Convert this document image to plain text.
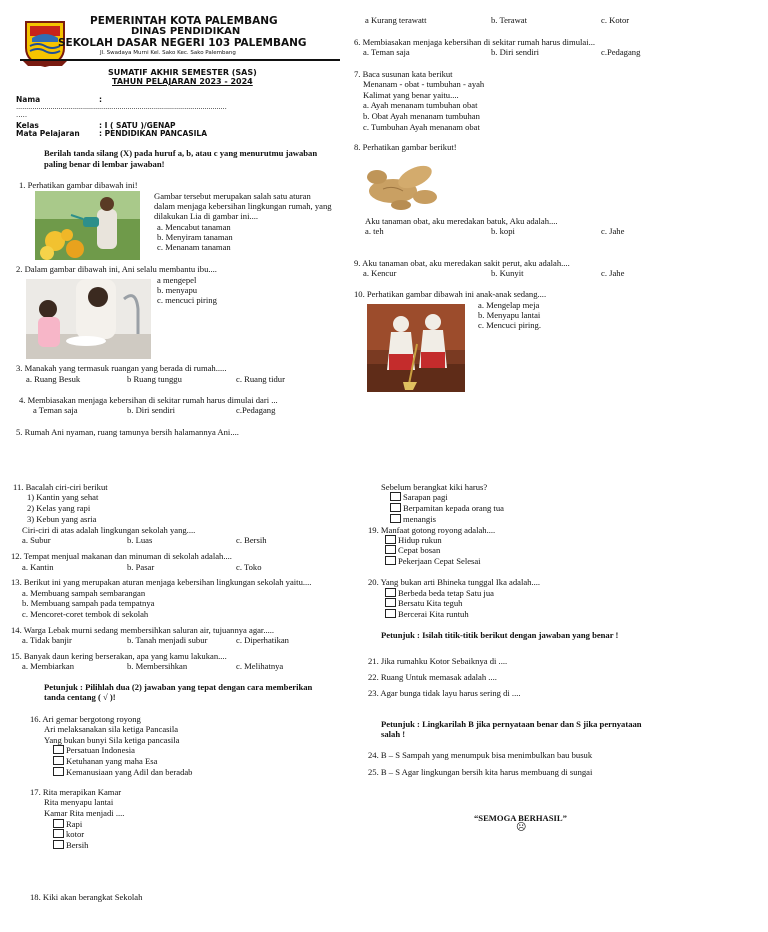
PEMERINTAH KOTA PALEMBANG
DINAS PENDIDIKAN
SEKOLAH DASAR NEGERI 103 PALEMBANG
Jl. Swadaya Murni Kel. Sako Kec. Sako Palembang
SUMATIF AKHIR SEMESTER (SAS)
TAHUN PELAJARAN 2023 - 2024
Nama	:
........................................................................................................
.....
Kelas	: I ( SATU )/GENAP
Mata Pelajaran	: PENDIDIKAN PANCASILA
Berilah tanda silang (X) pada huruf a, b, atau c yang menurutmu jawaban
paling benar di lembar jawaban!
1. Perhatikan gambar dibawah ini!
Gambar tersebut merupakan salah satu aturan
dalam menjaga kebersihan lingkungan rumah, yang
dilakukan Lia di gambar ini....
a. Mencabut tanaman
b. Menyiram tanaman
c. Menanam tanaman
2. Dalam gambar dibawah ini, Ani selalu membantu ibu....
a mengepel
b. menyapu
c. mencuci piring
3. Manakah yang termasuk ruangan yang berada di rumah.....
a. Ruang Besuk	b Ruang tunggu	c. Ruang tidur
4. Membiasakan menjaga kebersihan di sekitar rumah harus dimulai dari ...
a Teman saja	b. Diri sendiri	c.Pedagang
5. Rumah Ani nyaman, ruang tamunya bersih halamannya Ani....
a Kurang terawatt	b. Terawat	c. Kotor
6. Membiasakan menjaga kebersihan di sekitar rumah harus dimulai...
a. Teman saja	b. Diri sendiri	c.Pedagang
7. Baca susunan kata berikut
Menanam - obat - tumbuhan - ayah
Kalimat yang benar yaitu....
a. Ayah menanam tumbuhan obat
b. Obat Ayah menanam tumbuhan
c. Tumbuhan Ayah menanam obat
8. Perhatikan gambar berikut!
Aku tanaman obat, aku meredakan batuk, Aku adalah....
a. teh	b. kopi	c. Jahe
9. Aku tanaman obat, aku meredakan sakit perut, aku adalah....
a. Kencur	b. Kunyit	c. Jahe
10. Perhatikan gambar dibawah ini anak-anak sedang....
a. Mengelap meja
b. Menyapu lantai
c. Mencuci piring.
11. Bacalah ciri-ciri berikut
1) Kantin yang sehat
2) Kelas yang rapi
3) Kebun yang asria
Ciri-ciri di atas adalah lingkungan sekolah yang....
a. Subur	b. Luas	c. Bersih
12. Tempat menjual makanan dan minuman di sekolah adalah....
a. Kantin	b. Pasar	c. Toko
13. Berikut ini yang merupakan aturan menjaga kebersihan lingkungan sekolah yaitu....
a. Membuang sampah sembarangan
b. Membuang sampah pada tempatnya
c. Mencoret-coret tembok di sekolah
14. Warga Lebak murni sedang membersihkan saluran air, tujuannya agar.....
a. Tidak banjir	b. Tanah menjadi subur	c. Diperhatikan
15. Banyak daun kering berserakan, apa yang kamu lakukan....
a. Membiarkan	b. Membersihkan	c. Melihatnya
Petunjuk : Pilihlah dua (2) jawaban yang tepat dengan cara memberikan
tanda centang ( √ )!
16. Ari gemar bergotong royong
Ari melaksanakan sila ketiga Pancasila
Yang bukan bunyi Sila ketiga pancasila
Persatuan Indonesia
Ketuhanan yang maha Esa
Kemanusiaan yang Adil dan beradab
17. Rita merapikan Kamar
Rita menyapu lantai
Kamar Rita menjadi ....
Rapi
kotor
Bersih
18. Kiki akan berangkat Sekolah
Sebelum berangkat kiki harus?
Sarapan pagi
Berpamitan kepada orang tua
menangis
19. Manfaat gotong royong adalah....
Hidup rukun
Cepat bosan
Pekerjaan Cepat Selesai
20. Yang bukan arti Bhineka tunggal Ika adalah....
Berbeda beda tetap Satu jua
Bersatu Kita teguh
Bercerai Kita runtuh
Petunjuk : Isilah titik-titik berikut dengan jawaban yang benar !
21. Jika rumahku Kotor Sebaiknya di ....
22. Ruang Untuk memasak adalah ....
23. Agar bunga tidak layu harus sering di ....
Petunjuk : Lingkarilah B jika pernyataan benar dan S jika pernyataan
salah !
24. B – S Sampah yang menumpuk bisa menimbulkan bau busuk
25. B – S Agar lingkungan bersih kita harus membuang di sungai
“SEMOGA BERHASIL”
☹
